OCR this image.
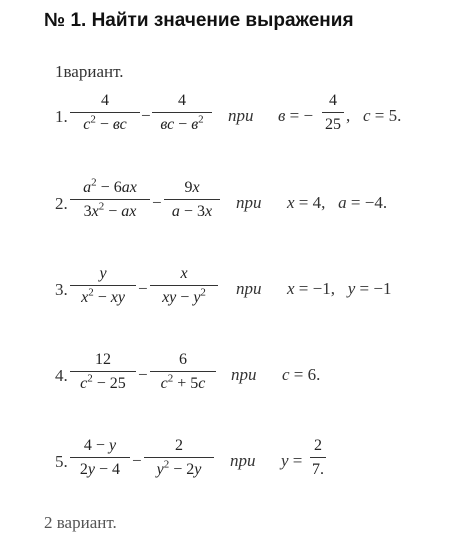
№ 1. Найти значение выражения
1вариант.
1.
4
$c^2$ − вс −
4
вс − $в^2$	при в = −
4
25 ,   c = 5.
2.
$a^2 - 6ax$
$3x^2$ − ax −
9x
a − 3x	при x = 4,   a = −4.
3.
y
$x^2$ − xy −
x
xy − $y^2$	при x = −1,   y = −1
4.
12
$c^2 - 25$ −
6
$c^2 + 5c$	при c = 6.
5.
4 − y
2y − 4 −
2
$y^2 - 2y$	при y =
2
7.
2 вариант.
